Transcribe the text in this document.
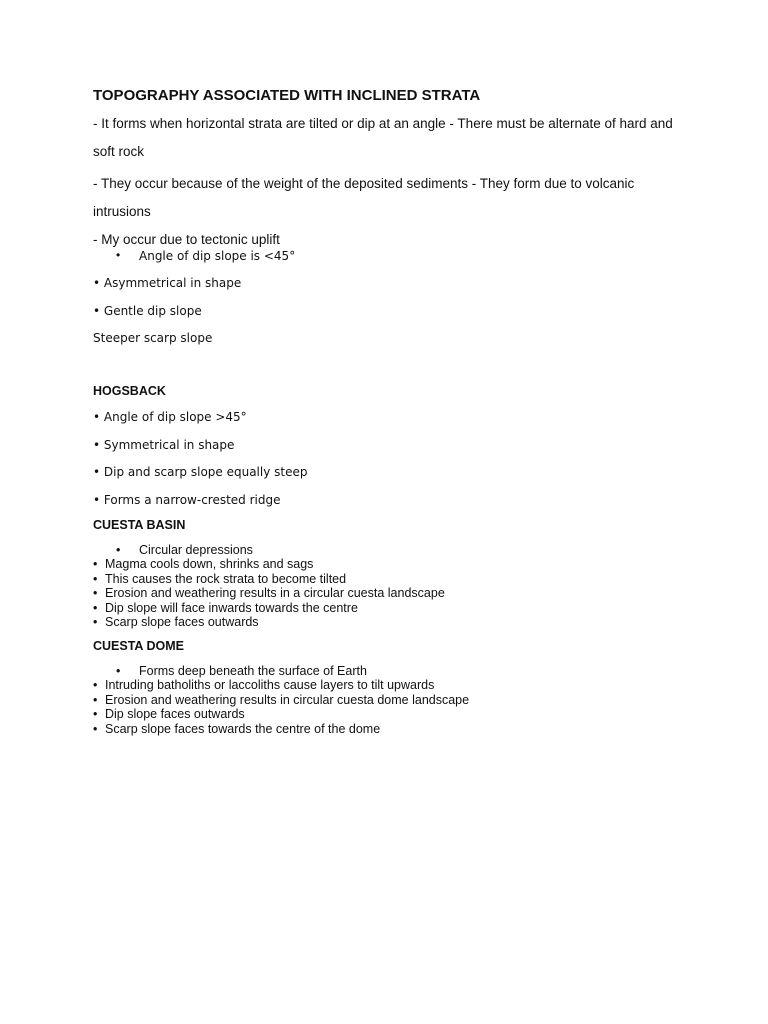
TOPOGRAPHY ASSOCIATED WITH INCLINED STRATA

- It forms when horizontal strata are tilted or dip at an angle - There must be alternate of hard and soft rock

- They occur because of the weight of the deposited sediments - They form due to volcanic intrusions

- My occur due to tectonic uplift

• Angle of dip slope is <45°

• Asymmetrical in shape

• Gentle dip slope

Steeper scarp slope

HOGSBACK

• Angle of dip slope >45°

• Symmetrical in shape

• Dip and scarp slope equally steep

• Forms a narrow-crested ridge

CUESTA BASIN
• Circular depressions
• Magma cools down, shrinks and sags
• This causes the rock strata to become tilted
• Erosion and weathering results in a circular cuesta landscape
• Dip slope will face inwards towards the centre
• Scarp slope faces outwards
CUESTA DOME
• Forms deep beneath the surface of Earth
• Intruding batholiths or laccoliths cause layers to tilt upwards
• Erosion and weathering results in circular cuesta dome landscape
• Dip slope faces outwards
• Scarp slope faces towards the centre of the dome
